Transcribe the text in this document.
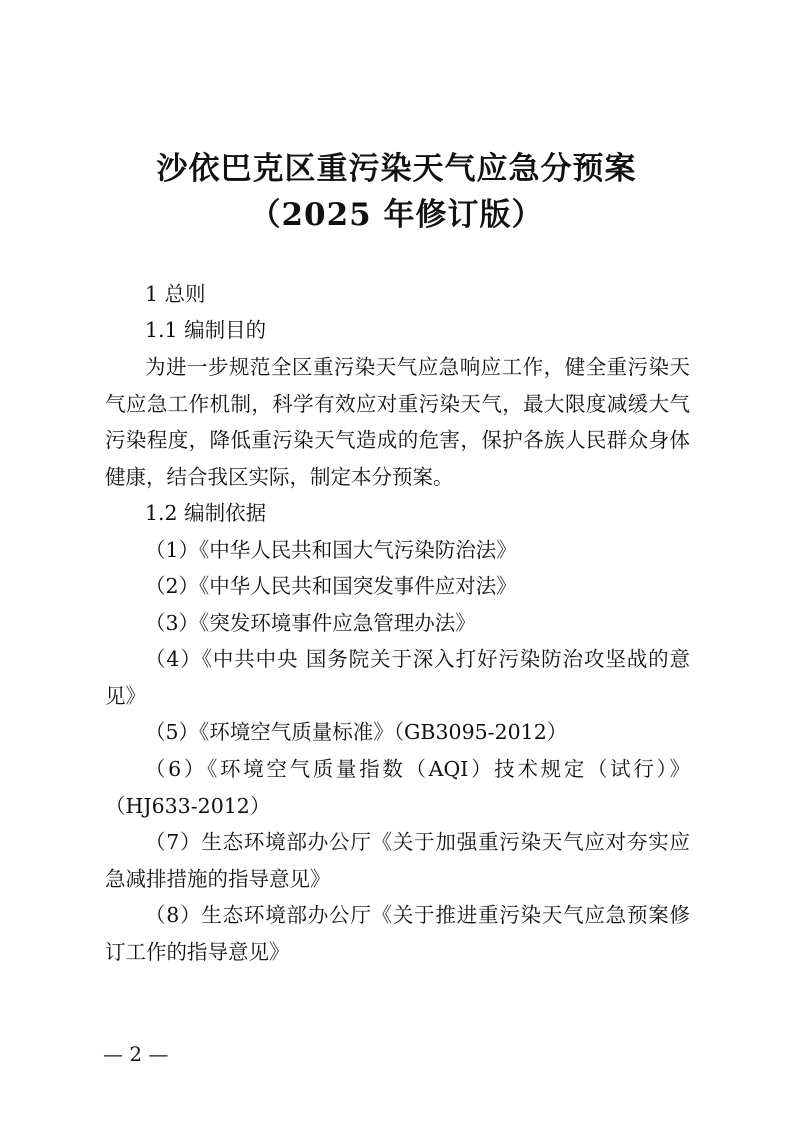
沙依巴克区重污染天气应急分预案
（2025 年修订版）
1 总则
1.1 编制目的
为进一步规范全区重污染天气应急响应工作，健全重污染天
气应急工作机制，科学有效应对重污染天气，最大限度减缓大气
污染程度，降低重污染天气造成的危害，保护各族人民群众身体
健康，结合我区实际，制定本分预案。
1.2 编制依据
（1）《中华人民共和国大气污染防治法》
（2）《中华人民共和国突发事件应对法》
（3）《突发环境事件应急管理办法》
（4）《中共中央 国务院关于深入打好污染防治攻坚战的意
见》
（5）《环境空气质量标准》（GB3095-2012）
（6）《环境空气质量指数（AQI）技术规定（试行）》
（HJ633-2012）
（7）生态环境部办公厅《关于加强重污染天气应对夯实应
急减排措施的指导意见》
（8）生态环境部办公厅《关于推进重污染天气应急预案修
订工作的指导意见》
— 2 —
